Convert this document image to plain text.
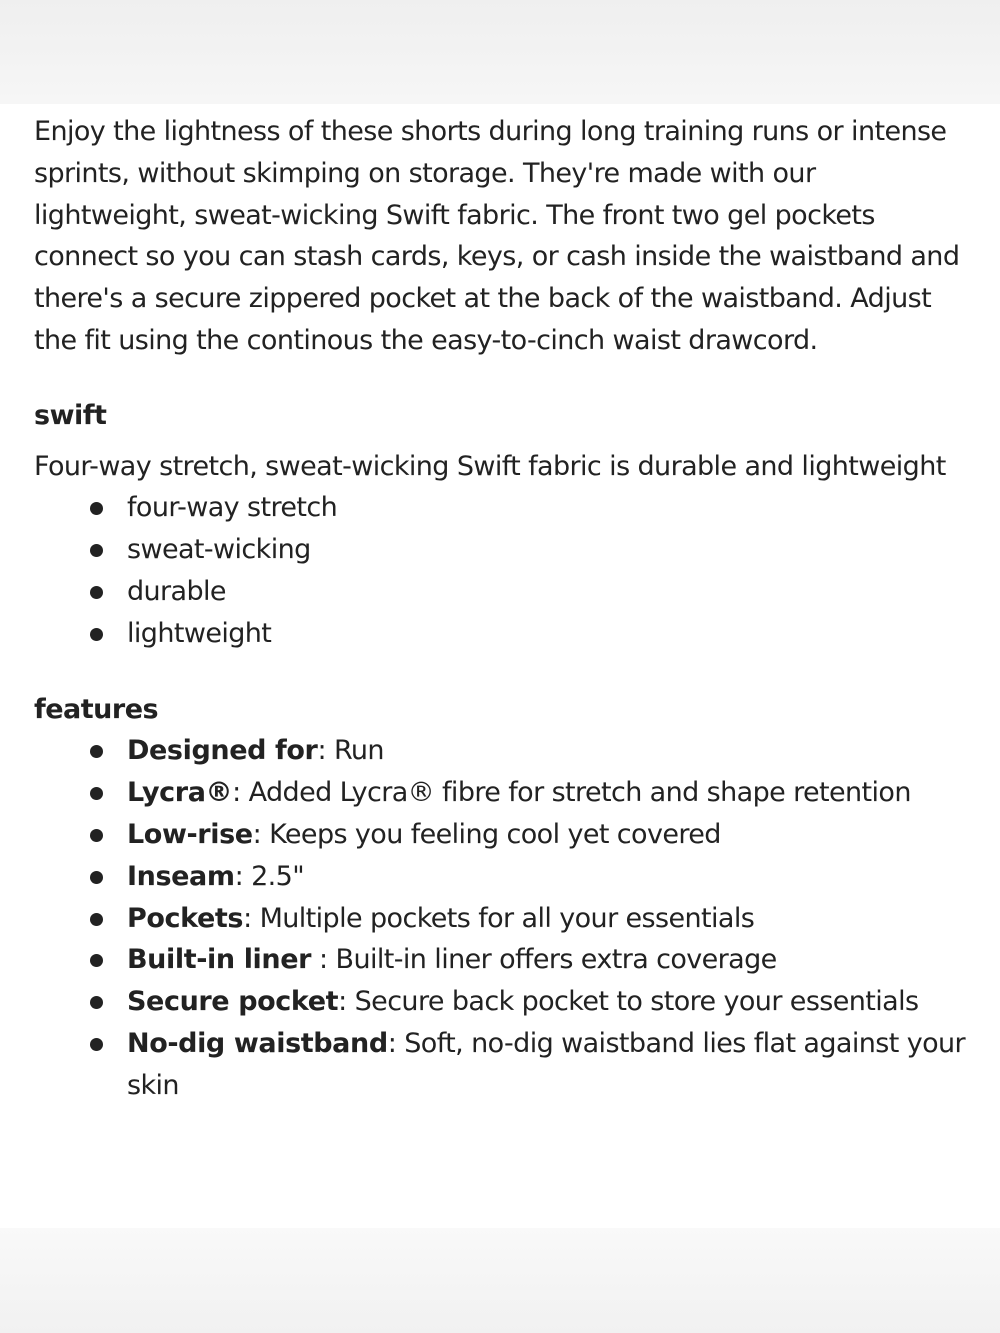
Enjoy the lightness of these shorts during long training runs or intense sprints, without skimping on storage. They're made with our lightweight, sweat-wicking Swift fabric. The front two gel pockets connect so you can stash cards, keys, or cash inside the waistband and there's a secure zippered pocket at the back of the waistband. Adjust the fit using the continous the easy-to-cinch waist drawcord.

swift

Four-way stretch, sweat-wicking Swift fabric is durable and lightweight

four-way stretch
sweat-wicking
durable
lightweight
features
Designed for: Run
Lycra®: Added Lycra® fibre for stretch and shape retention
Low-rise: Keeps you feeling cool yet covered
Inseam: 2.5"
Pockets: Multiple pockets for all your essentials
Built-in liner : Built-in liner offers extra coverage
Secure pocket: Secure back pocket to store your essentials
No-dig waistband: Soft, no-dig waistband lies flat against your skin
